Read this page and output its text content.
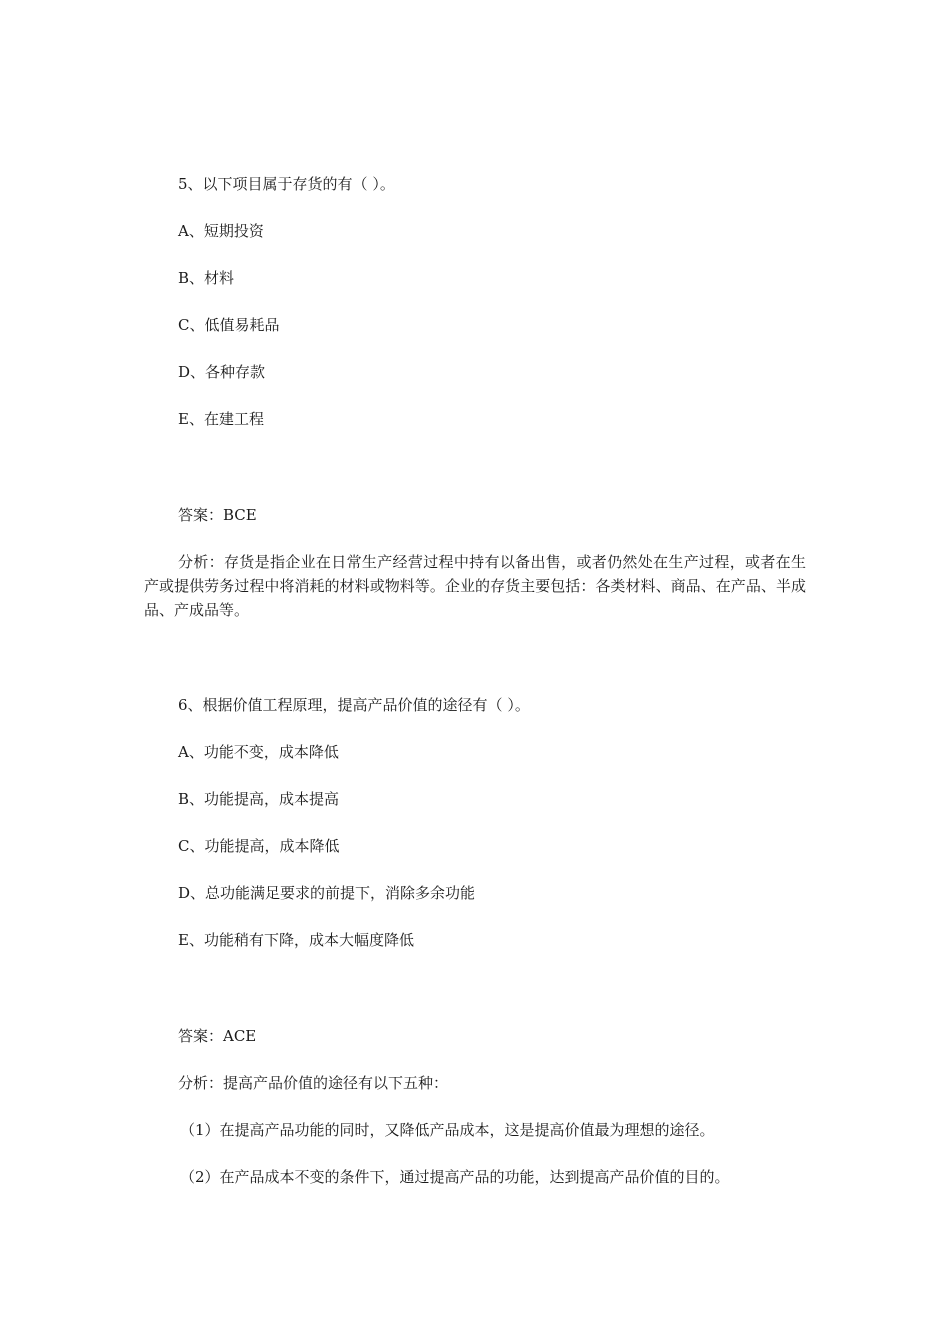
5、以下项目属于存货的有（ ）。
A、短期投资
B、材料
C、低值易耗品
D、各种存款
E、在建工程
答案：BCE
分析：存货是指企业在日常生产经营过程中持有以备出售，或者仍然处在生产过程，或者在生产或提供劳务过程中将消耗的材料或物料等。企业的存货主要包括：各类材料、商品、在产品、半成品、产成品等。
6、根据价值工程原理，提高产品价值的途径有（ ）。
A、功能不变，成本降低
B、功能提高，成本提高
C、功能提高，成本降低
D、总功能满足要求的前提下，消除多余功能
E、功能稍有下降，成本大幅度降低
答案：ACE
分析：提高产品价值的途径有以下五种：
（1）在提高产品功能的同时，又降低产品成本，这是提高价值最为理想的途径。
（2）在产品成本不变的条件下，通过提高产品的功能，达到提高产品价值的目的。
